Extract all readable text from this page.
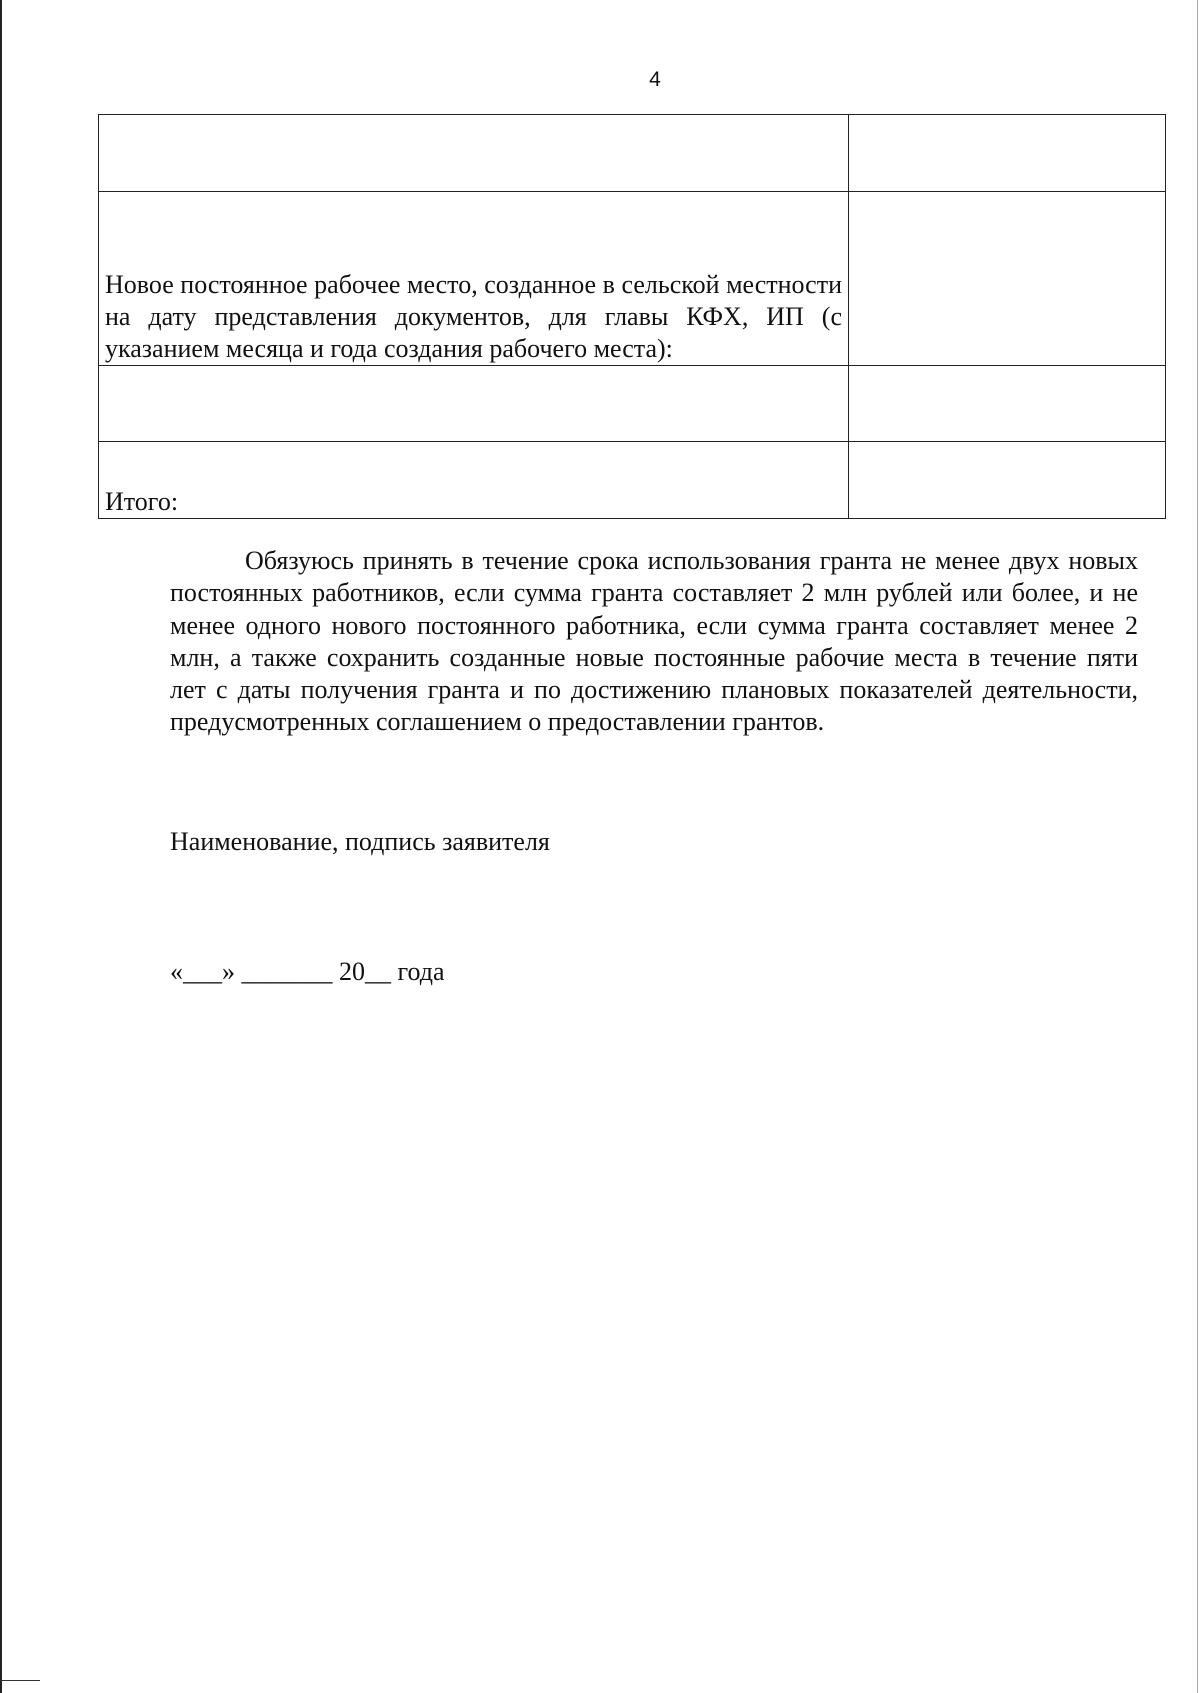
4

Новое постоянное рабочее место, созданное в сельской местности на дату представления документов, для главы КФХ, ИП (с указанием месяца и года создания рабочего места):	

Итого:	

Обязуюсь принять в течение срока использования гранта не менее двух новых постоянных работников, если сумма гранта составляет 2 млн рублей или более, и не менее одного нового постоянного работника, если сумма гранта составляет менее 2 млн, а также сохранить созданные новые постоянные рабочие места в течение пяти лет с даты получения гранта и по достижению плановых показателей деятельности, предусмотренных соглашением о предоставлении грантов.

Наименование, подпись заявителя
«___» _______ 20__ года
